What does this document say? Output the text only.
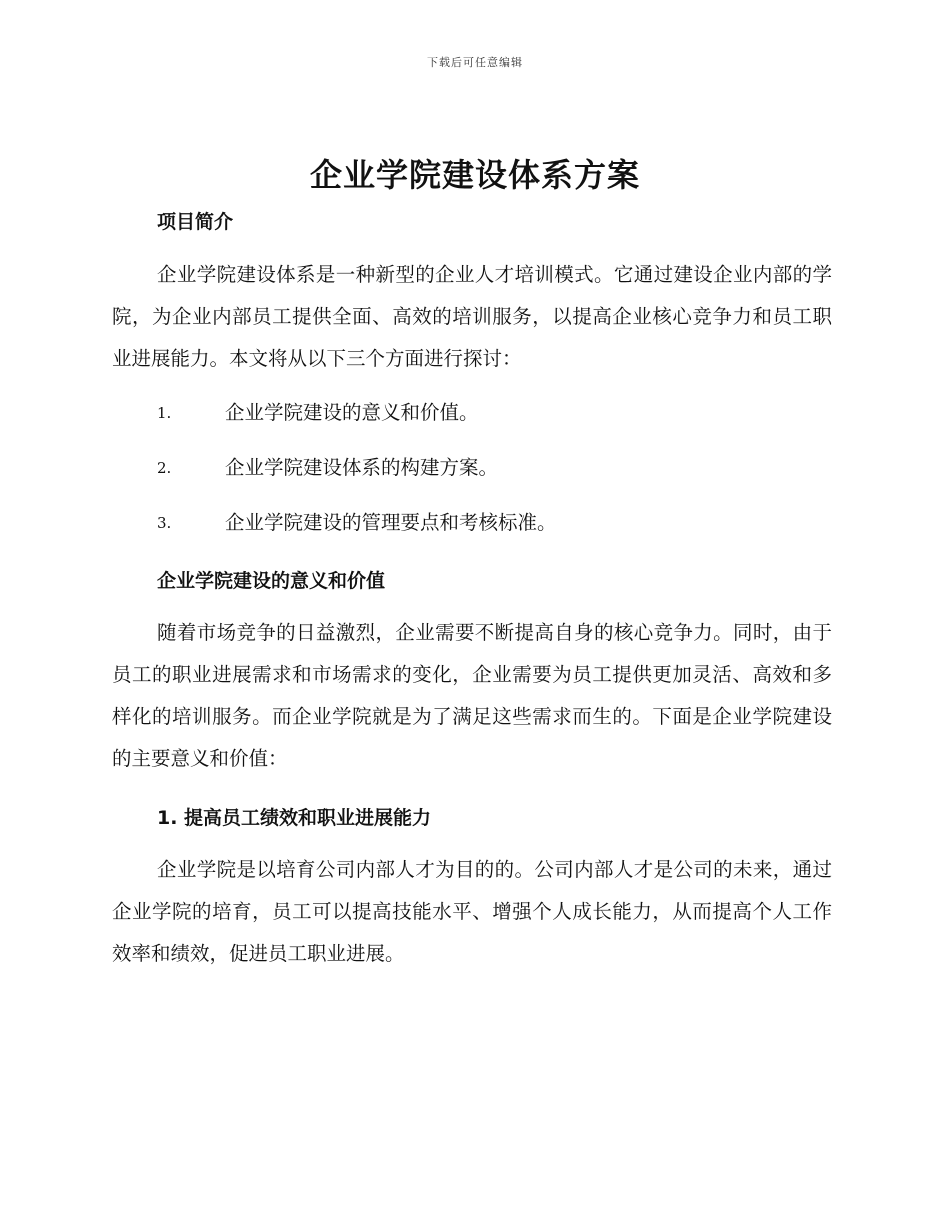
下载后可任意编辑
企业学院建设体系方案
项目简介

企业学院建设体系是一种新型的企业人才培训模式。它通过建设企业内部的学院，为企业内部员工提供全面、高效的培训服务，以提高企业核心竞争力和员工职业进展能力。本文将从以下三个方面进行探讨：

1.	企业学院建设的意义和价值。
2.	企业学院建设体系的构建方案。
3.	企业学院建设的管理要点和考核标准。
企业学院建设的意义和价值

随着市场竞争的日益激烈，企业需要不断提高自身的核心竞争力。同时，由于员工的职业进展需求和市场需求的变化，企业需要为员工提供更加灵活、高效和多样化的培训服务。而企业学院就是为了满足这些需求而生的。下面是企业学院建设的主要意义和价值：

1. 提高员工绩效和职业进展能力

企业学院是以培育公司内部人才为目的的。公司内部人才是公司的未来，通过企业学院的培育，员工可以提高技能水平、增强个人成长能力，从而提高个人工作效率和绩效，促进员工职业进展。
